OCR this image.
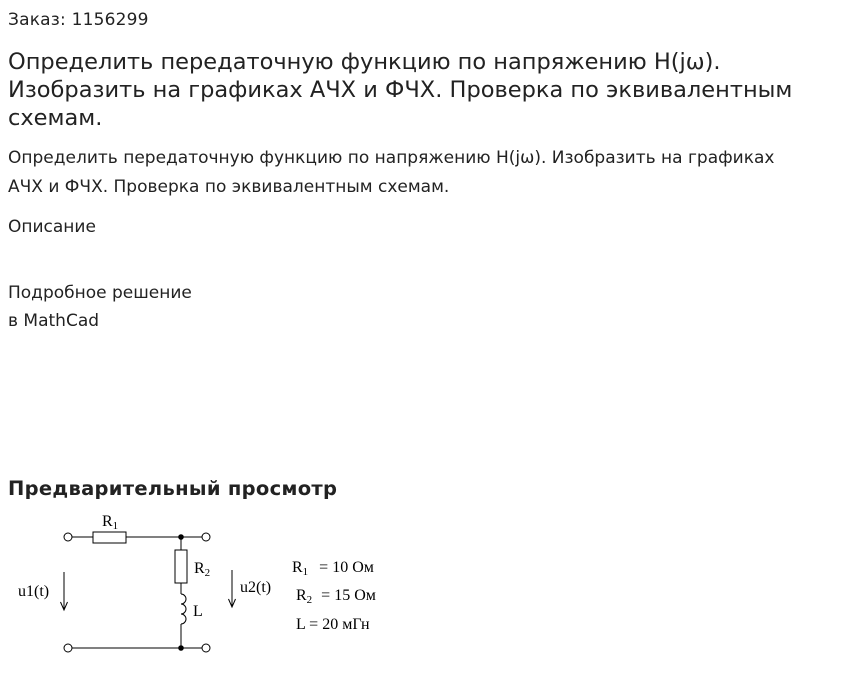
Заказ: 1156299
Определить передаточную функцию по напряжению H(jω). Изобразить на графиках АЧХ и ФЧХ. Проверка по эквивалентным схемам.

Определить передаточную функцию по напряжению H(jω). Изобразить на графиках АЧХ и ФЧХ. Проверка по эквивалентным схемам.

Описание
Подробное решение
в MathCad
Предварительный просмотр
R1
R2
L
u1(t)	u2(t)
R1 = 10 Ом
R2 = 15 Ом
L = 20 мГн
